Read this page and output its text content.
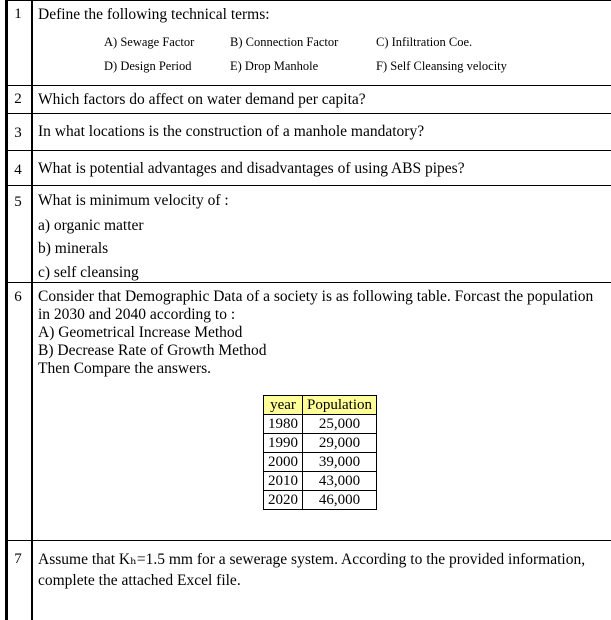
1	Define the following technical terms:
A) Sewage Factor	B) Connection Factor	C) Infiltration Coe.
D) Design Period	E) Drop Manhole	F) Self Cleansing velocity
2	Which factors do affect on water demand per capita?
3	In what locations is the construction of a manhole mandatory?
4	What is potential advantages and disadvantages of using ABS pipes?
5	What is minimum velocity of :
a) organic matter
b) minerals
c) self cleansing
6	Consider that Demographic Data of a society is as following table. Forcast the population
in 2030 and 2040 according to :
A) Geometrical Increase Method
B) Decrease Rate of Growth Method
Then Compare the answers.
year	Population
1980	25,000
1990	29,000
2000	39,000
2010	43,000
2020	46,000
7	Assume that Kₕ=1.5 mm for a sewerage system. According to the provided information,
complete the attached Excel file.
